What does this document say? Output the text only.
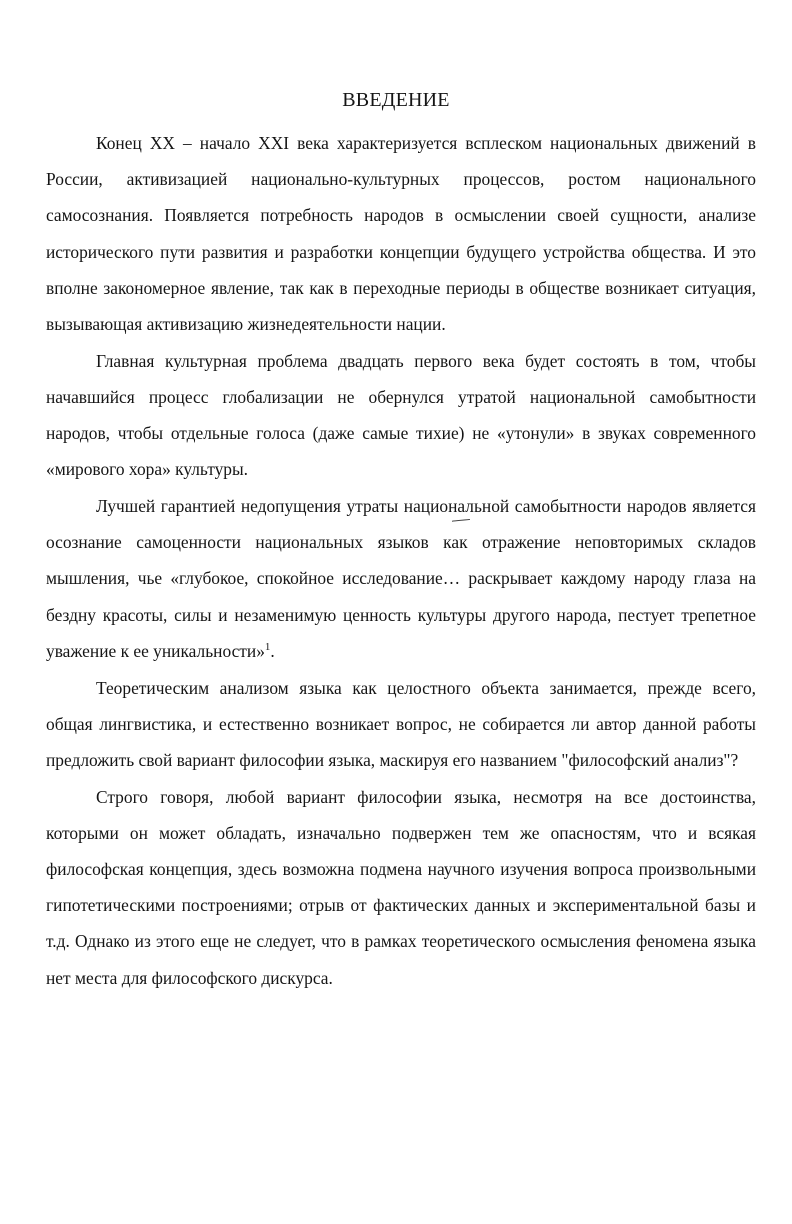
ВВЕДЕНИЕ

Конец XX – начало XXI века характеризуется всплеском национальных движений в России, активизацией национально-культурных процессов, ростом национального самосознания. Появляется потребность народов в осмыслении своей сущности, анализе исторического пути развития и разработки концепции будущего устройства общества. И это вполне закономерное явление, так как в переходные периоды в обществе возникает ситуация, вызывающая активизацию жизнедеятельности нации.

Главная культурная проблема двадцать первого века будет состоять в том, чтобы начавшийся процесс глобализации не обернулся утратой национальной самобытности народов, чтобы отдельные голоса (даже самые тихие) не «утонули» в звуках современного «мирового хора» культуры.

Лучшей гарантией недопущения утраты национальной самобытности народов является осознание самоценности национальных языков как отражение неповторимых складов мышления, чье «глубокое, спокойное исследование… раскрывает каждому народу глаза на бездну красоты, силы и незаменимую ценность культуры другого народа, пестует трепетное уважение к ее уникальности»$^1$.

Теоретическим анализом языка как целостного объекта занимается, прежде всего, общая лингвистика, и естественно возникает вопрос, не собирается ли автор данной работы предложить свой вариант философии языка, маскируя его названием "философский анализ"?

Строго говоря, любой вариант философии языка, несмотря на все достоинства, которыми он может обладать, изначально подвержен тем же опасностям, что и всякая философская концепция, здесь возможна подмена научного изучения вопроса произвольными гипотетическими построениями; отрыв от фактических данных и экспериментальной базы и т.д. Однако из этого еще не следует, что в рамках теоретического осмысления феномена языка нет места для философского дискурса.
